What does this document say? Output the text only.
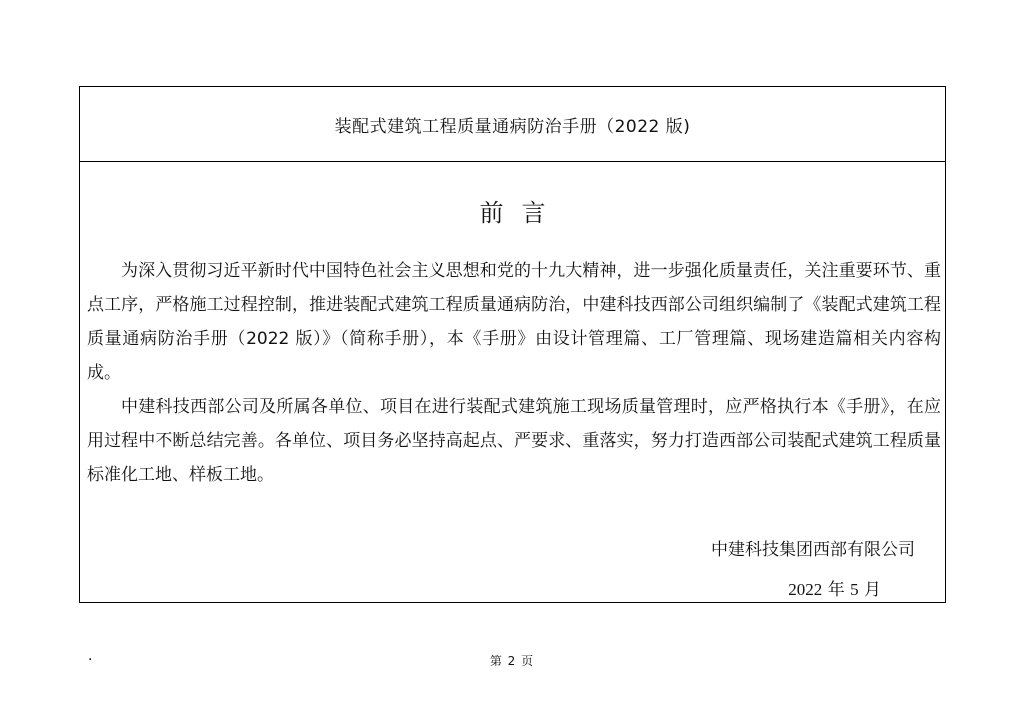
装配式建筑工程质量通病防治手册（2022 版)
前言

为深入贯彻习近平新时代中国特色社会主义思想和党的十九大精神，进一步强化质量责任，关注重要环节、重点工序，严格施工过程控制，推进装配式建筑工程质量通病防治，中建科技西部公司组织编制了《装配式建筑工程质量通病防治手册（2022 版）》（简称手册），本《手册》由设计管理篇、工厂管理篇、现场建造篇相关内容构成。

中建科技西部公司及所属各单位、项目在进行装配式建筑施工现场质量管理时，应严格执行本《手册》，在应用过程中不断总结完善。各单位、项目务必坚持高起点、严要求、重落实，努力打造西部公司装配式建筑工程质量标准化工地、样板工地。

中建科技集团西部有限公司
2022 年 5 月
·	第 2 页
